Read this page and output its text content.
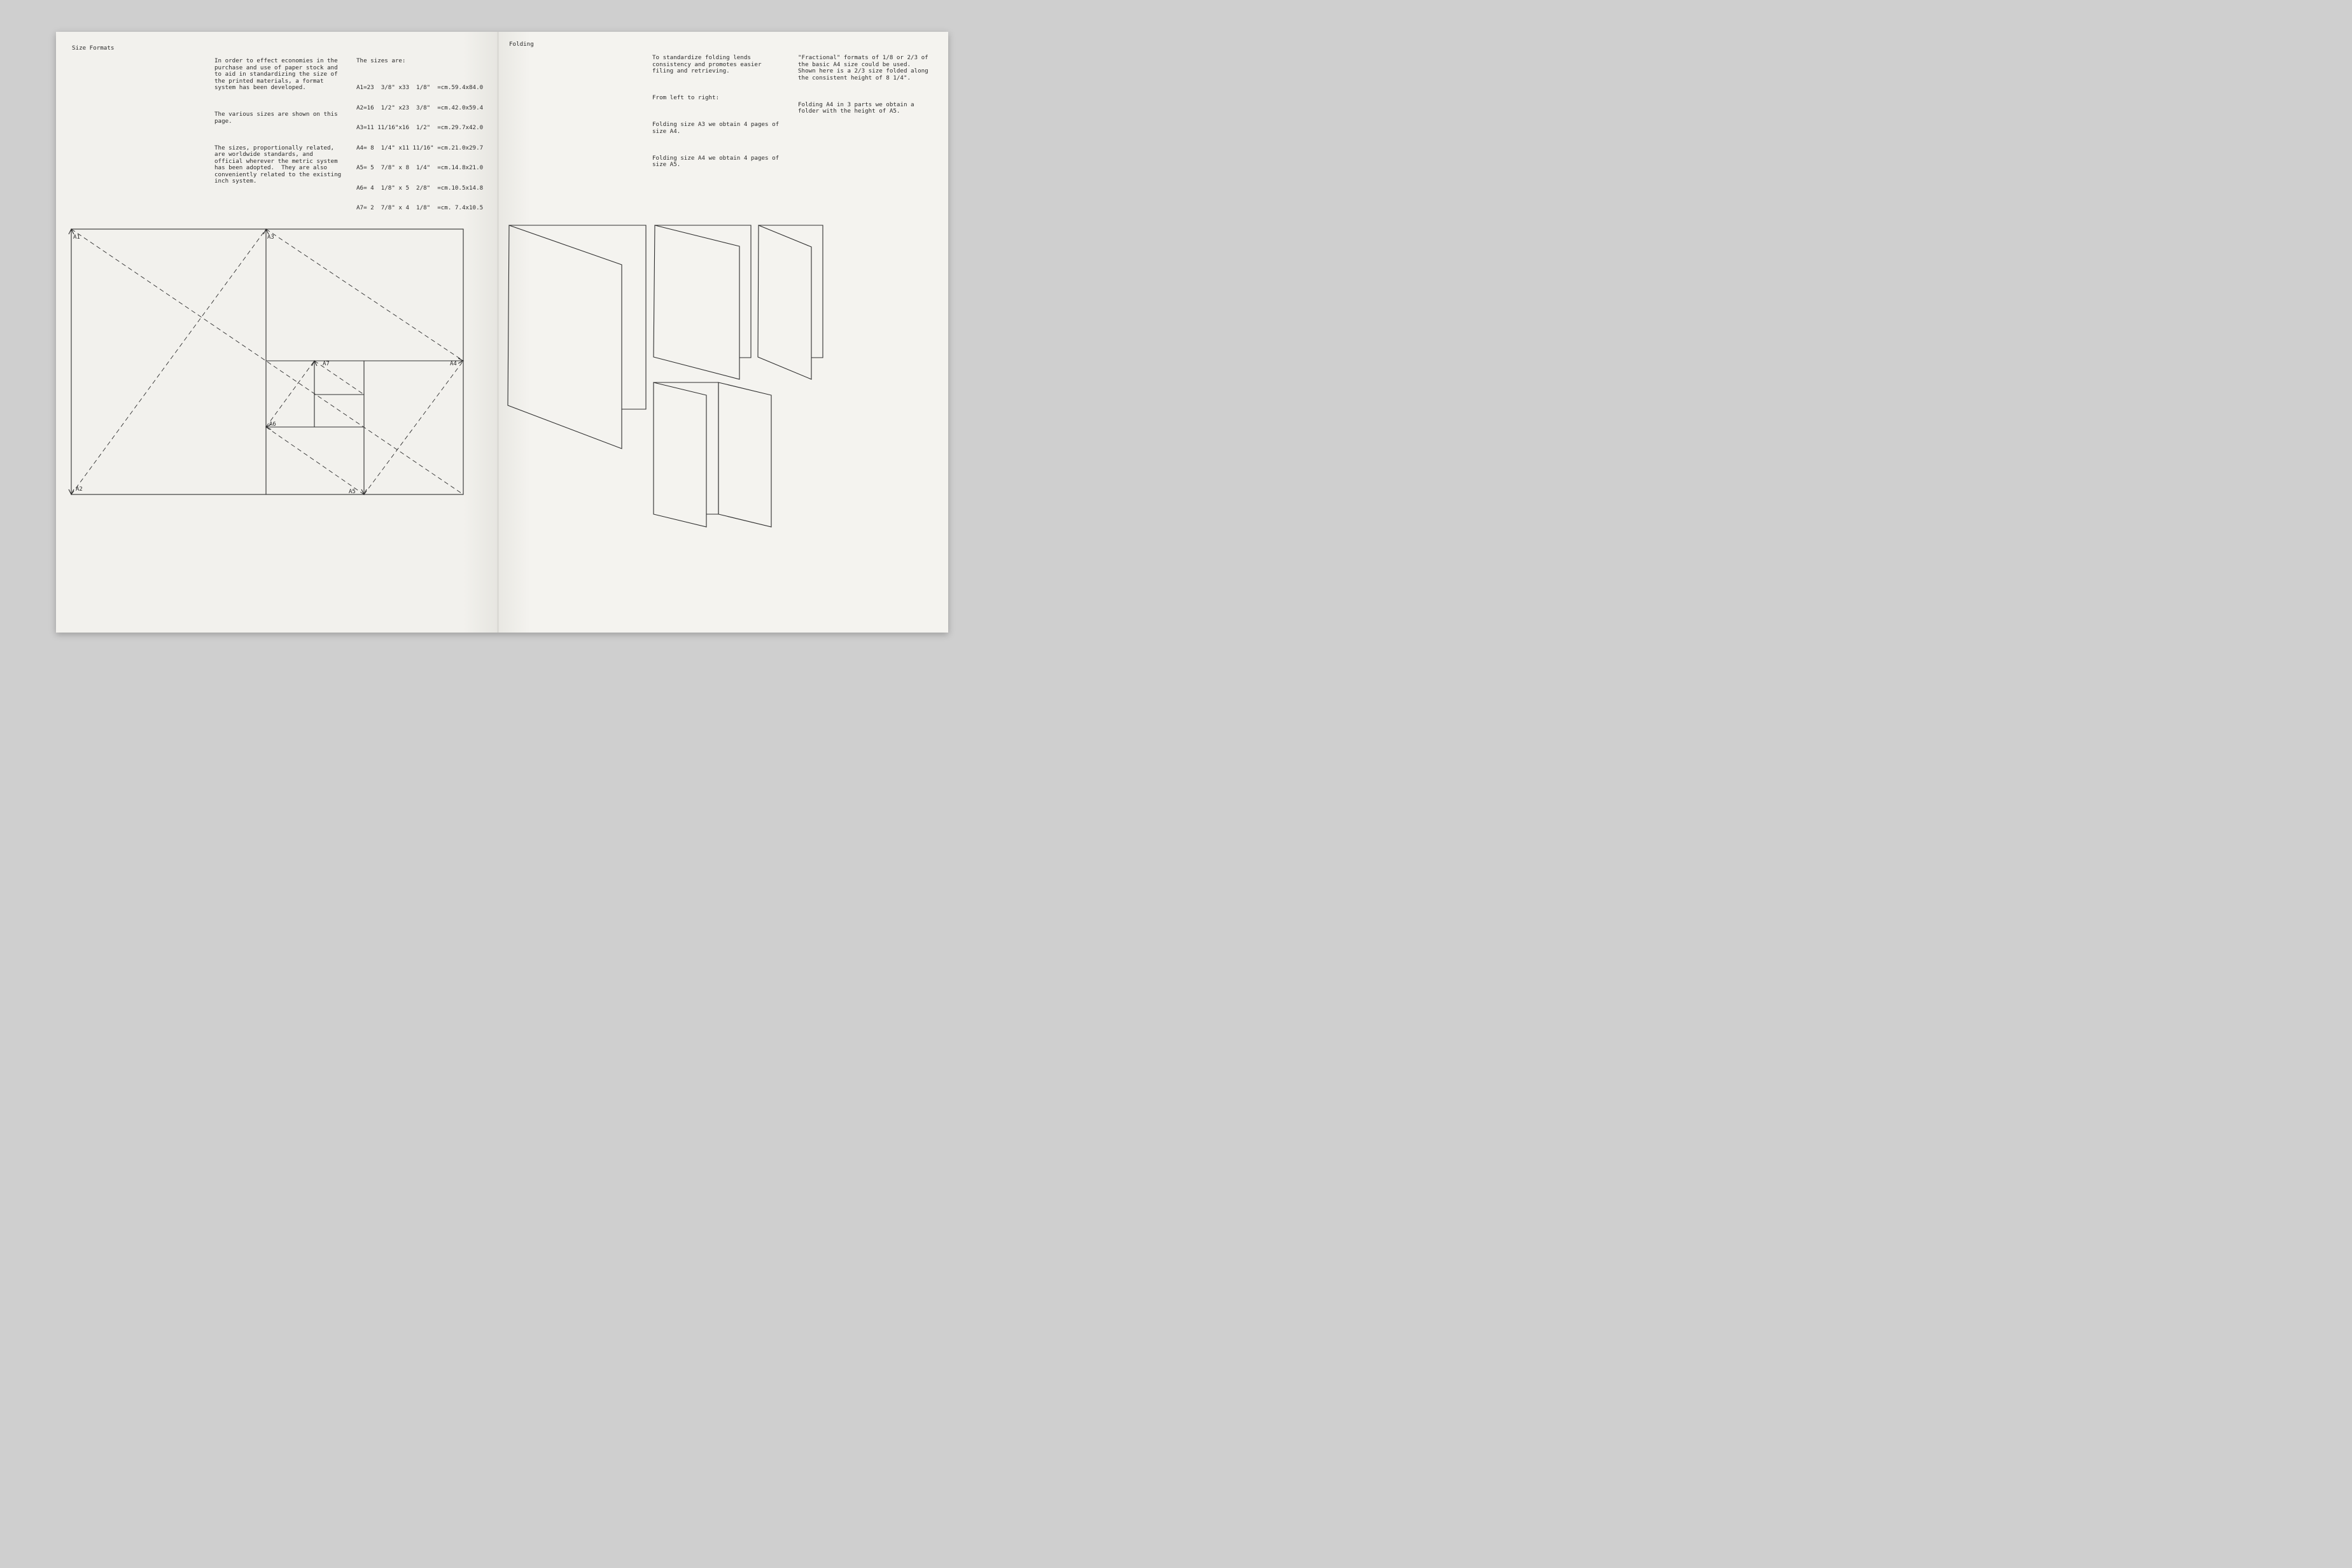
Size Formats

In order to effect economies in the
purchase and use of paper stock and
to aid in standardizing the size of
the printed materials, a format
system has been developed.

The various sizes are shown on this
page.

The sizes, proportionally related,
are worldwide standards, and
official wherever the metric system
has been adopted.  They are also
conveniently related to the existing
inch system.

The sizes are:

A1=23  3/8" x33  1/8"  =cm.59.4x84.0

A2=16  1/2" x23  3/8"  =cm.42.0x59.4

A3=11 11/16"x16  1/2"  =cm.29.7x42.0

A4= 8  1/4" x11 11/16" =cm.21.0x29.7

A5= 5  7/8" x 8  1/4"  =cm.14.8x21.0

A6= 4  1/8" x 5  2/8"  =cm.10.5x14.8

A7= 2  7/8" x 4  1/8"  =cm. 7.4x10.5

A1
A2
A3
A4
A5
A6
A7
Folding

To standardize folding lends
consistency and promotes easier
filing and retrieving.

From left to right:

Folding size A3 we obtain 4 pages of
size A4.

Folding size A4 we obtain 4 pages of
size A5.

"Fractional" formats of 1/8 or 2/3 of
the basic A4 size could be used.
Shown here is a 2/3 size folded along
the consistent height of 8 1/4".

Folding A4 in 3 parts we obtain a
folder with the height of A5.
